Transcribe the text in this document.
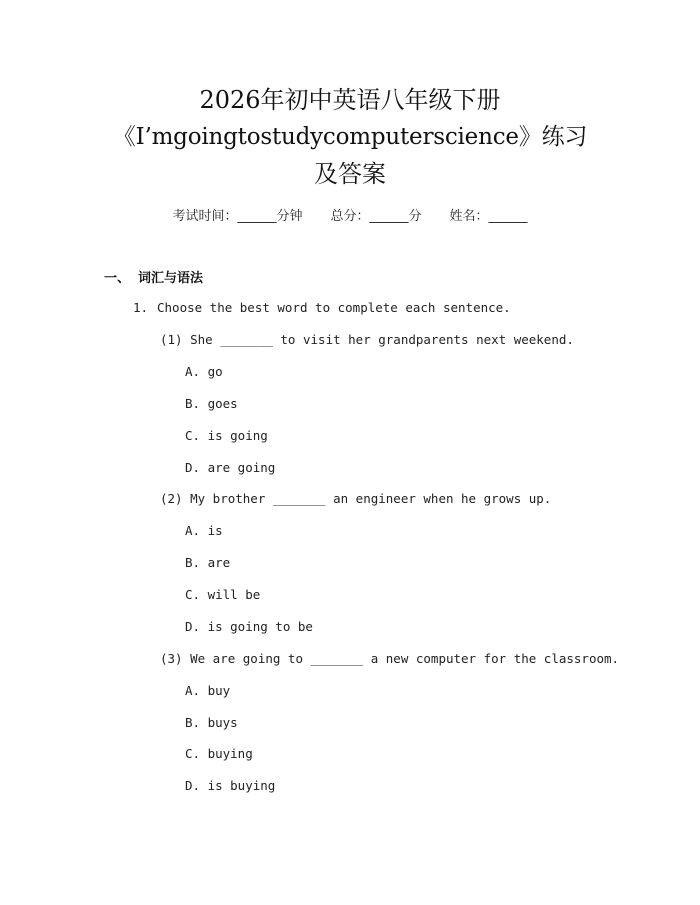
2026年初中英语八年级下册
《I’mgoingtostudycomputerscience》练习
及答案
考试时间：______分钟 总分：______分 姓名：______
一、 词汇与语法
1. Choose the best word to complete each sentence.
(1) She _______ to visit her grandparents next weekend.
A. go
B. goes
C. is going
D. are going
(2) My brother _______ an engineer when he grows up.
A. is
B. are
C. will be
D. is going to be
(3) We are going to _______ a new computer for the classroom.
A. buy
B. buys
C. buying
D. is buying
